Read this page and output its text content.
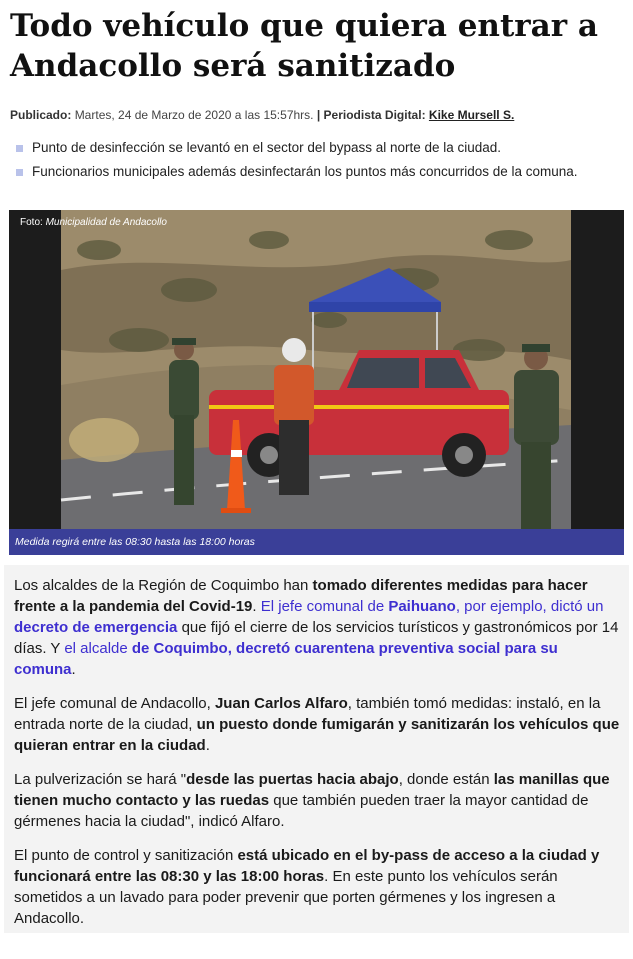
Todo vehículo que quiera entrar a Andacollo será sanitizado
Publicado: Martes, 24 de Marzo de 2020 a las 15:57hrs. | Periodista Digital: Kike Mursell S.
Punto de desinfección se levantó en el sector del bypass al norte de la ciudad.
Funcionarios municipales además desinfectarán los puntos más concurridos de la comuna.
Foto: Municipalidad de Andacollo
Medida regirá entre las 08:30 hasta las 18:00 horas

Los alcaldes de la Región de Coquimbo han tomado diferentes medidas para hacer frente a la pandemia del Covid-19. El jefe comunal de Paihuano, por ejemplo, dictó un decreto de emergencia que fijó el cierre de los servicios turísticos y gastronómicos por 14 días. Y el alcalde de Coquimbo, decretó cuarentena preventiva social para su comuna.

El jefe comunal de Andacollo, Juan Carlos Alfaro, también tomó medidas: instaló, en la entrada norte de la ciudad, un puesto donde fumigarán y sanitizarán los vehículos que quieran entrar en la ciudad.

La pulverización se hará "desde las puertas hacia abajo, donde están las manillas que tienen mucho contacto y las ruedas que también pueden traer la mayor cantidad de gérmenes hacia la ciudad", indicó Alfaro.

El punto de control y sanitización está ubicado en el by-pass de acceso a la ciudad y funcionará entre las 08:30 y las 18:00 horas. En este punto los vehículos serán sometidos a un lavado para poder prevenir que porten gérmenes y los ingresen a Andacollo.
